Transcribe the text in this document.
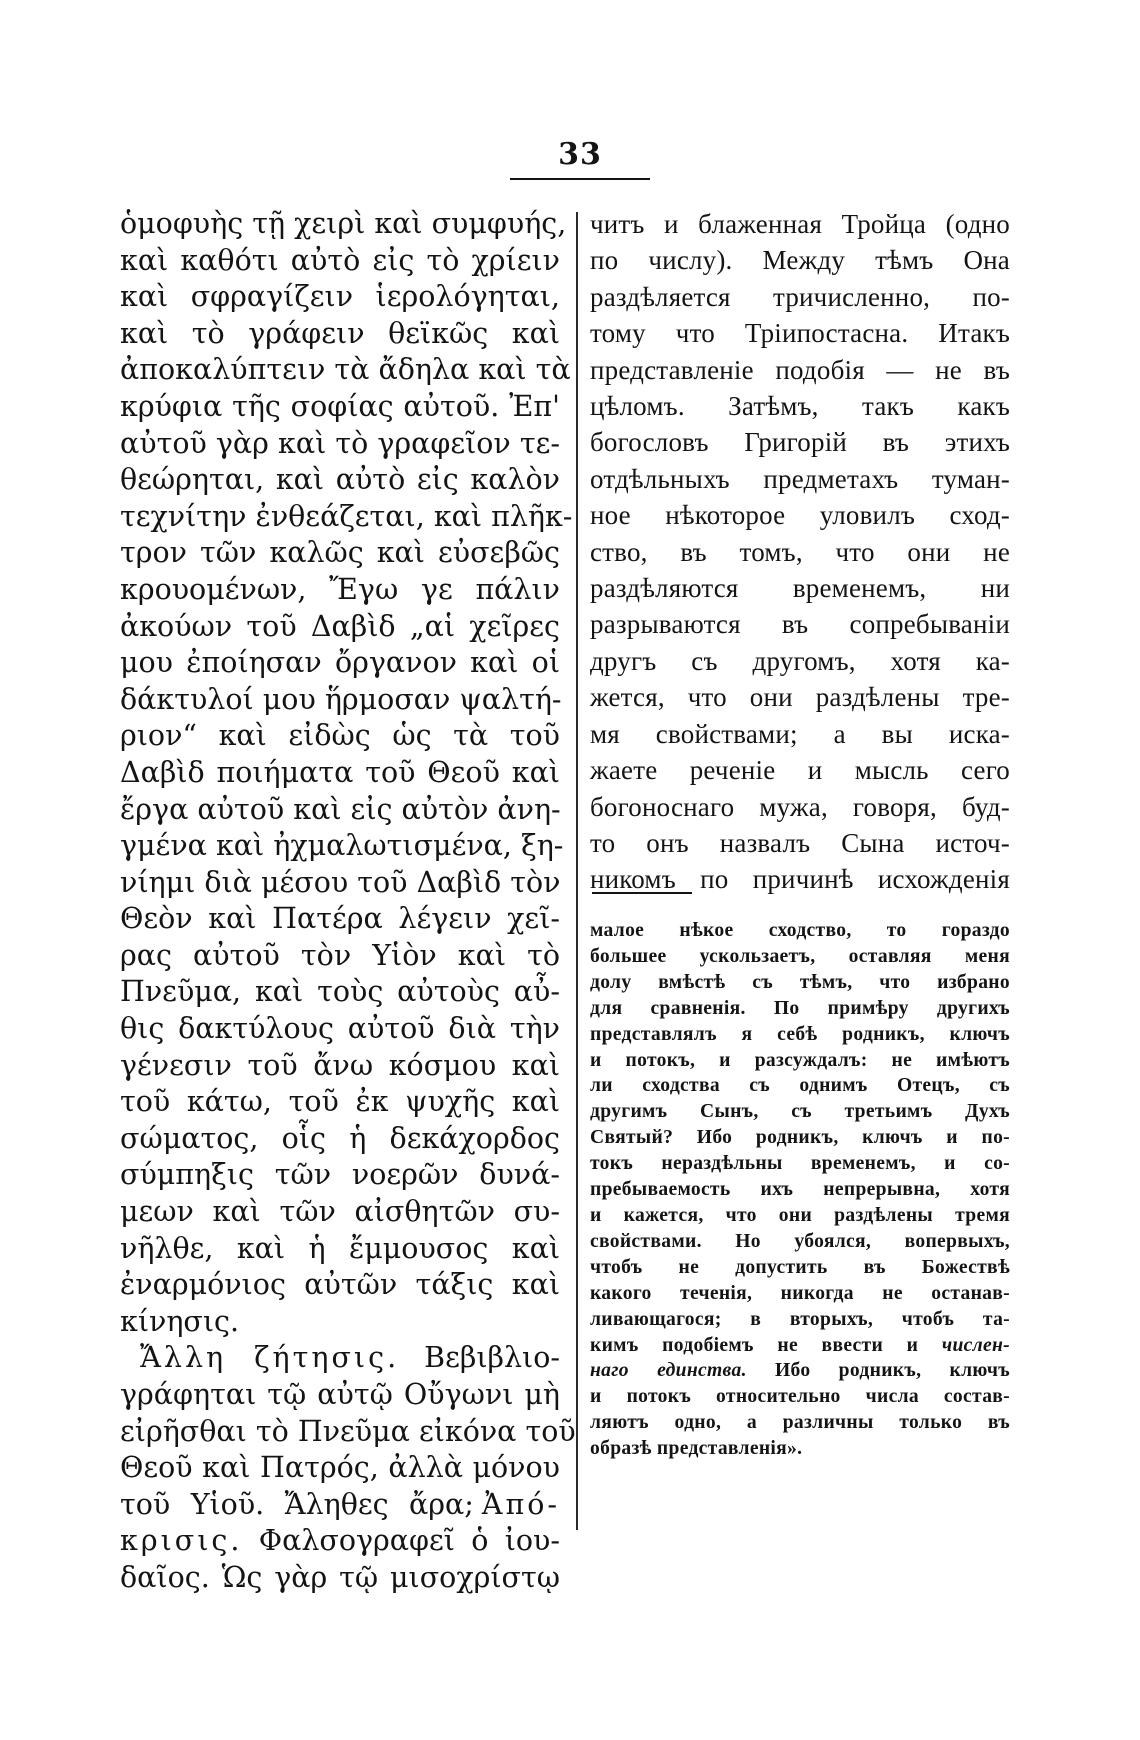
33
ὁμοφυὴς τῇ χειρὶ καὶ συμφυής,
καὶ καθότι αὐτὸ εἰς τὸ χρίειν
καὶ σφραγίζειν ἱερολόγηται,
καὶ τὸ γράφειν θεϊκῶς καὶ
ἀποκαλύπτειν τὰ ἄδηλα καὶ τὰ
κρύφια τῆς σοφίας αὐτοῦ. Ἐπ'
αὐτοῦ γὰρ καὶ τὸ γραφεῖον τε-
θεώρηται, καὶ αὐτὸ εἰς καλὸν
τεχνίτην ἐνθεάζεται, καὶ πλῆκ-
τρον τῶν καλῶς καὶ εὐσεβῶς
κρουομένων, Ἔγω γε πάλιν
ἀκούων τοῦ Δαβὶδ „αἱ χεῖρες
μου ἐποίησαν ὄργανον καὶ οἱ
δάκτυλοί μου ἥρμοσαν ψαλτή-
ριον“ καὶ εἰδὼς ὡς τὰ τοῦ
Δαβὶδ ποιήματα τοῦ Θεοῦ καὶ
ἔργα αὐτοῦ καὶ εἰς αὐτὸν ἀνη-
γμένα καὶ ἠχμαλωτισμένα, ξη-
νίημι διὰ μέσου τοῦ Δαβὶδ τὸν
Θεὸν καὶ Πατέρα λέγειν χεῖ-
ρας αὐτοῦ τὸν Υἱὸν καὶ τὸ
Πνεῦμα, καὶ τοὺς αὐτοὺς αὖ-
θις δακτύλους αὐτοῦ διὰ τὴν
γένεσιν τοῦ ἄνω κόσμου καὶ
τοῦ κάτω, τοῦ ἐκ ψυχῆς καὶ
σώματος, οἷς ἡ δεκάχορδος
σύμπηξις τῶν νοερῶν δυνά-
μεων καὶ τῶν αἰσθητῶν συ-
νῆλθε, καὶ ἡ ἔμμουσος καὶ
ἐναρμόνιος αὐτῶν τάξις καὶ
κίνησις.
Ἄλλη ζήτησις. Βεβιβλιο-
γράφηται τῷ αὐτῷ Οὔγωνι μὴ
εἰρῆσθαι τὸ Πνεῦμα εἰκόνα τοῦ
Θεοῦ καὶ Πατρός, ἀλλὰ μόνου
τοῦ Υἱοῦ. Ἄληθες ἄρα; Ἀπό-
κρισις. Φαλσογραφεῖ ὁ ἰου-
δαῖος. Ὡς γὰρ τῷ μισοχρίστῳ
читъ и блаженная Тройца (одно
по числу). Между тѣмъ Она
раздѣляется тричисленно, по-
тому что Тріипостасна. Итакъ
представленіе подобія — не въ
цѣломъ. Затѣмъ, такъ какъ
богословъ Григорій въ этихъ
отдѣльныхъ предметахъ туман-
ное нѣкоторое уловилъ сход-
ство, въ томъ, что они не
раздѣляются временемъ, ни
разрываются въ сопребываніи
другъ съ другомъ, хотя ка-
жется, что они раздѣлены тре-
мя свойствами; а вы иска-
жаете реченіе и мысль сего
богоноснаго мужа, говоря, буд-
то онъ назвалъ Сына источ-
никомъ по причинѣ исхожденія
малое нѣкое сходство, то гораздо
большее ускользаетъ, оставляя меня
долу вмѣстѣ съ тѣмъ, что избрано
для сравненія. По примѣру другихъ
представлялъ я себѣ родникъ, ключъ
и потокъ, и разсуждалъ: не имѣютъ
ли сходства съ однимъ Отецъ, съ
другимъ Сынъ, съ третьимъ Духъ
Святый? Ибо родникъ, ключъ и по-
токъ нераздѣльны временемъ, и со-
пребываемость ихъ непрерывна, хотя
и кажется, что они раздѣлены тремя
свойствами. Но убоялся, вопервыхъ,
чтобъ не допустить въ Божествѣ
какого теченія, никогда не останав-
ливающагося; в вторыхъ, чтобъ та-
кимъ подобіемъ не ввести и числен-
наго единства. Ибо родникъ, ключъ
и потокъ относительно числа состав-
ляютъ одно, а различны только въ
образѣ представленія».
